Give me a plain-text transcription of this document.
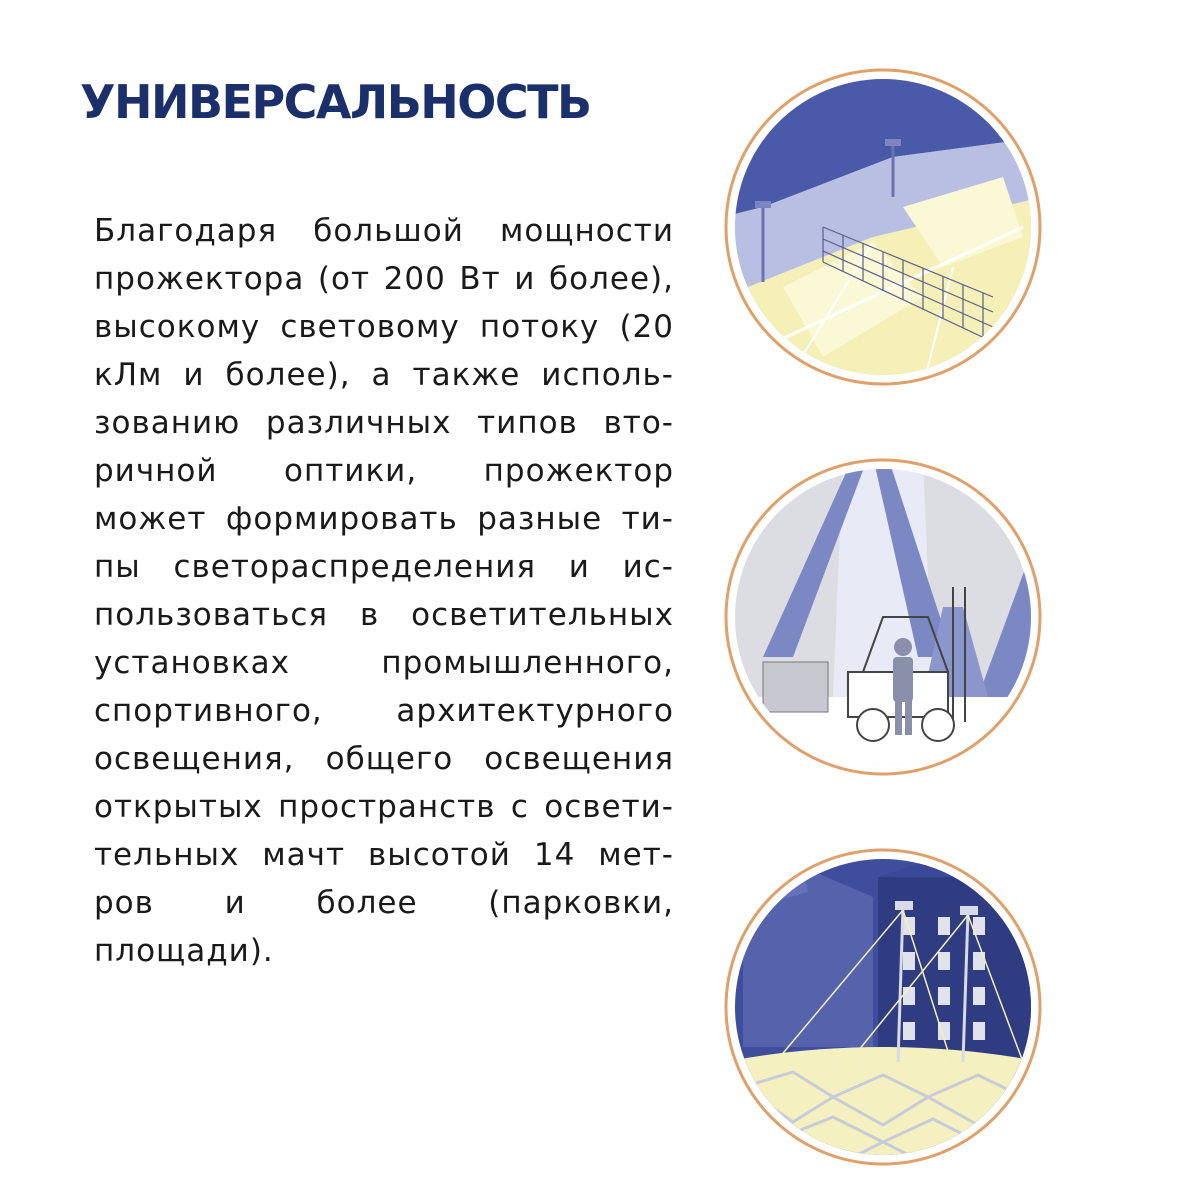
УНИВЕРСАЛЬНОСТЬ
Благодаря большой мощности
прожектора (от 200 Вт и более),
высокому световому потоку (20
кЛм и более), а также исполь-
зованию различных типов вто-
ричной оптики, прожектор
может формировать разные ти-
пы светораспределения и ис-
пользоваться в осветительных
установках промышленного,
спортивного, архитектурного
освещения, общего освещения
открытых пространств с освети-
тельных мачт высотой 14 мет-
ров и более (парковки,
площади).
